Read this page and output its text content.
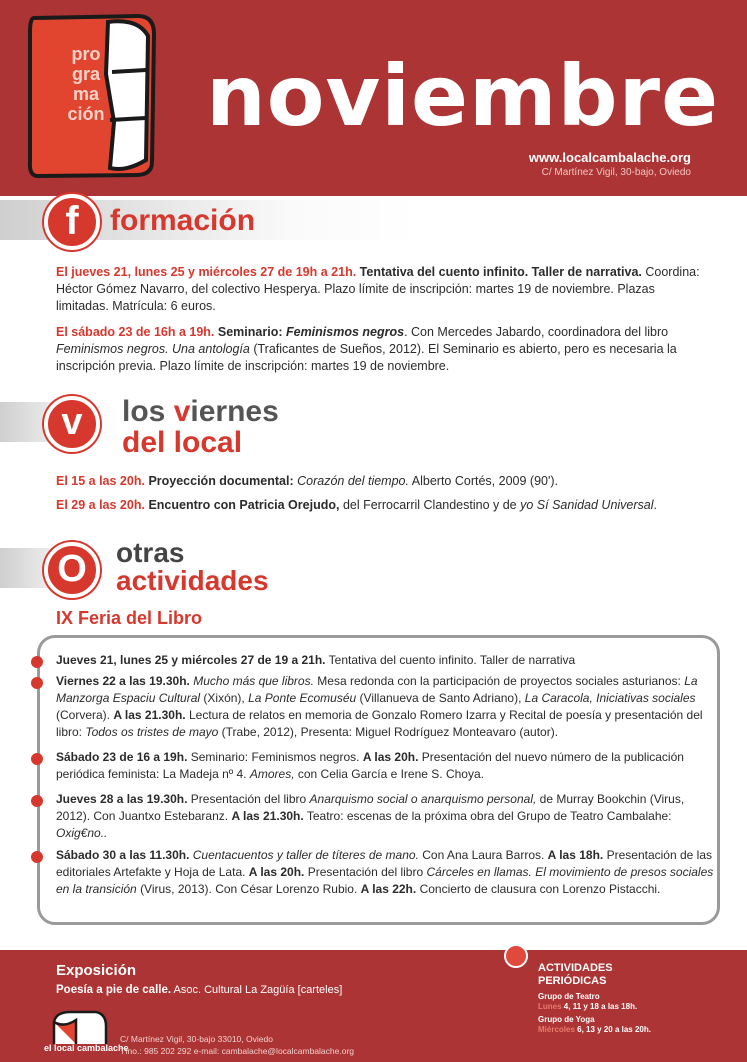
pro
gra
ma
ción noviembre
www.localcambalache.org
C/ Martínez Vigil, 30-bajo, Oviedo
f	formación
El jueves 21, lunes 25 y miércoles 27 de 19h a 21h. Tentativa del cuento infinito. Taller de narrativa. Coordina: Héctor Gómez Navarro, del colectivo Hesperya. Plazo límite de inscripción: martes 19 de noviembre. Plazas limitadas. Matrícula: 6 euros.
El sábado 23 de 16h a 19h. Seminario: Feminismos negros. Con Mercedes Jabardo, coordinadora del libro Feminismos negros. Una antología (Traficantes de Sueños, 2012). El Seminario es abierto, pero es necesaria la inscripción previa. Plazo límite de inscripción: martes 19 de noviembre.
v	los viernes
del local
El 15 a las 20h. Proyección documental: Corazón del tiempo. Alberto Cortés, 2009 (90').
El 29 a las 20h. Encuentro con Patricia Orejudo, del Ferrocarril Clandestino y de yo Sí Sanidad Universal.
O	otras
actividades
IX Feria del Libro
Jueves 21, lunes 25 y miércoles 27 de 19 a 21h. Tentativa del cuento infinito. Taller de narrativa
Viernes 22 a las 19.30h. Mucho más que libros. Mesa redonda con la participación de proyectos sociales asturianos: La Manzorga Espaciu Cultural (Xixón), La Ponte Ecomuséu (Villanueva de Santo Adriano), La Caracola, Iniciativas sociales (Corvera). A las 21.30h. Lectura de relatos en memoria de Gonzalo Romero Izarra y Recital de poesía y presentación del libro: Todos os tristes de mayo (Trabe, 2012), Presenta: Miguel Rodríguez Monteavaro (autor).
Sábado 23 de 16 a 19h. Seminario: Feminismos negros. A las 20h. Presentación del nuevo número de la publicación periódica feminista: La Madeja nº 4. Amores, con Celia García e Irene S. Choya.
Jueves 28 a las 19.30h. Presentación del libro Anarquismo social o anarquismo personal, de Murray Bookchin (Virus, 2012). Con Juantxo Estebaranz. A las 21.30h. Teatro: escenas de la próxima obra del Grupo de Teatro Cambalahe: Oxig€no..
Sábado 30 a las 11.30h. Cuentacuentos y taller de títeres de mano. Con Ana Laura Barros. A las 18h. Presentación de las editoriales Artefakte y Hoja de Lata. A las 20h. Presentación del libro Cárceles en llamas. El movimiento de presos sociales en la transición (Virus, 2013). Con César Lorenzo Rubio. A las 22h. Concierto de clausura con Lorenzo Pistacchi.
Exposición
Poesía a pie de calle. Asoc. Cultural La Zagüía [carteles]
el local cambalache
C/ Martínez Vigil, 30-bajo 33010, Oviedo
Tfno.: 985 202 292 e-mail: cambalache@localcambalache.org
ACTIVIDADES
PERIÓDICAS
Grupo de Teatro
Lunes 4, 11 y 18 a las 18h.
Grupo de Yoga
Miércoles 6, 13 y 20 a las 20h.
